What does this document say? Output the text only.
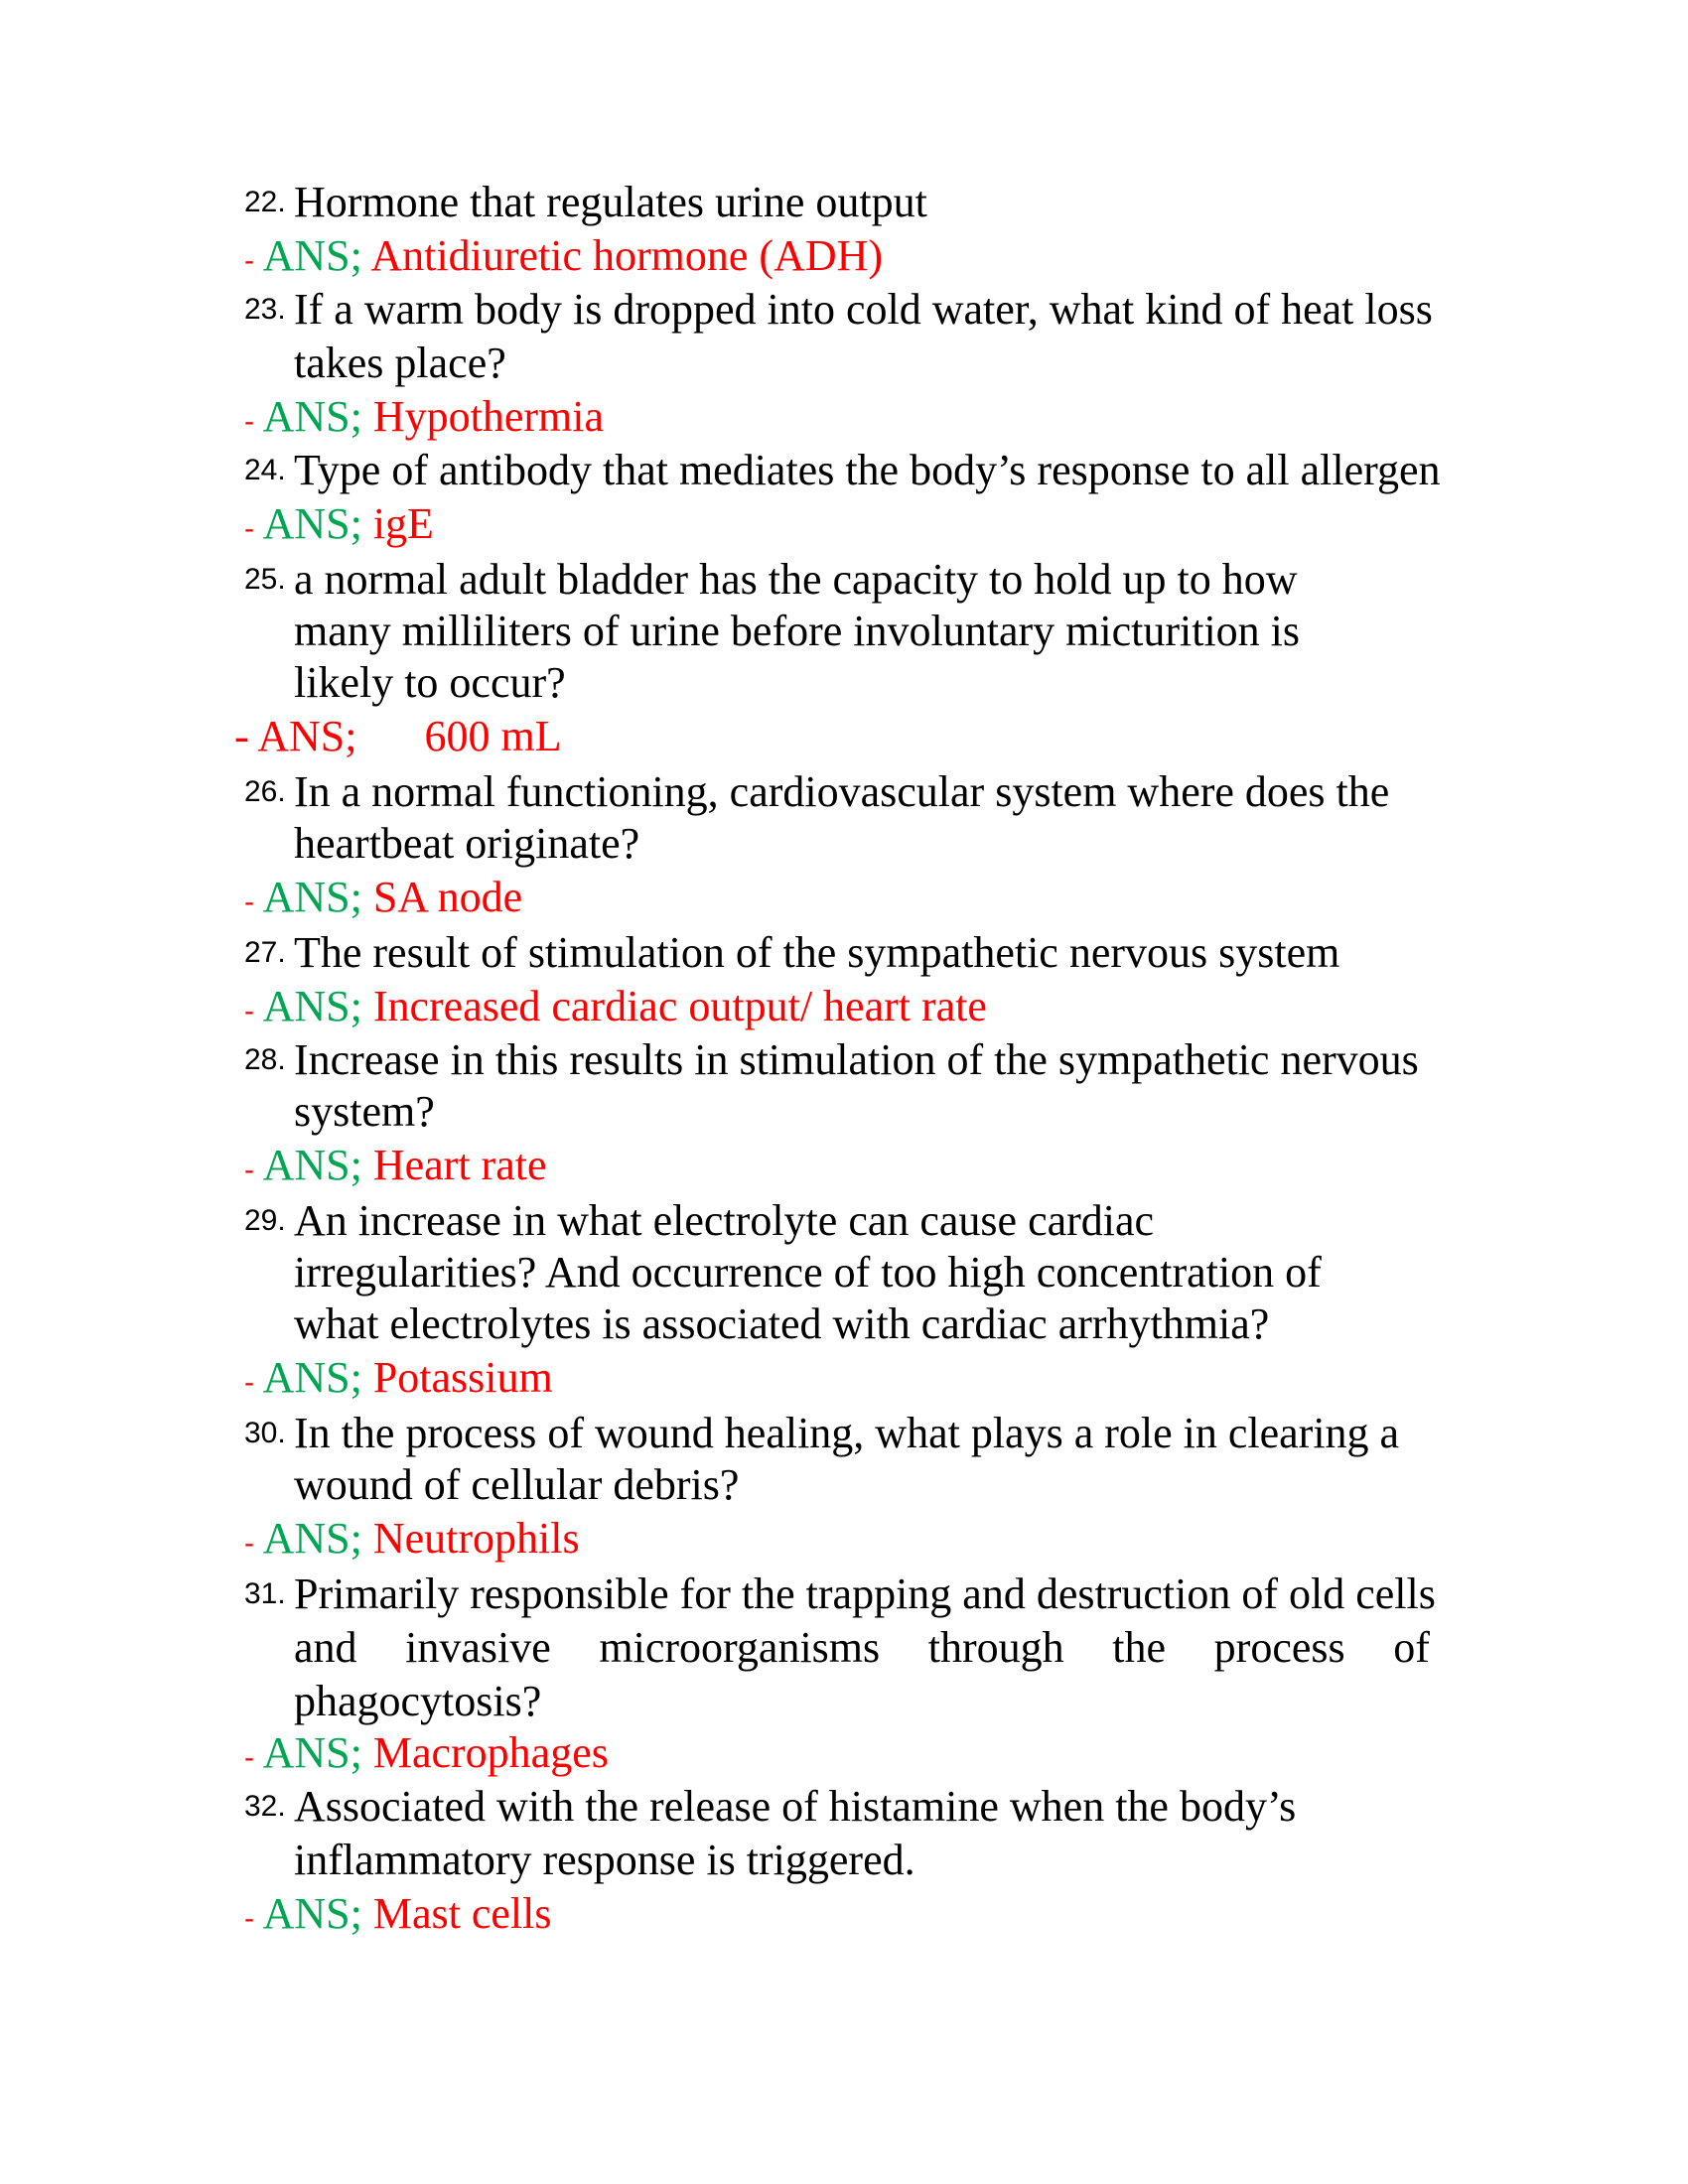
22. Hormone that regulates urine output
- ANS; Antidiuretic hormone (ADH)
23. If a warm body is dropped into cold water, what kind of heat loss
takes place?
- ANS; Hypothermia
24. Type of antibody that mediates the body’s response to all allergen
- ANS; igE
25. a normal adult bladder has the capacity to hold up to how
many milliliters of urine before involuntary micturition is
likely to occur?
- ANS; 600 mL
26. In a normal functioning, cardiovascular system where does the
heartbeat originate?
- ANS; SA node
27. The result of stimulation of the sympathetic nervous system
- ANS; Increased cardiac output/ heart rate
28. Increase in this results in stimulation of the sympathetic nervous
system?
- ANS; Heart rate
29. An increase in what electrolyte can cause cardiac
irregularities? And occurrence of too high concentration of
what electrolytes is associated with cardiac arrhythmia?
- ANS; Potassium
30. In the process of wound healing, what plays a role in clearing a
wound of cellular debris?
- ANS; Neutrophils
31. Primarily responsible for the trapping and destruction of old cells
and invasive microorganisms through the process of
phagocytosis?
- ANS; Macrophages
32. Associated with the release of histamine when the body’s
inflammatory response is triggered.
- ANS; Mast cells
